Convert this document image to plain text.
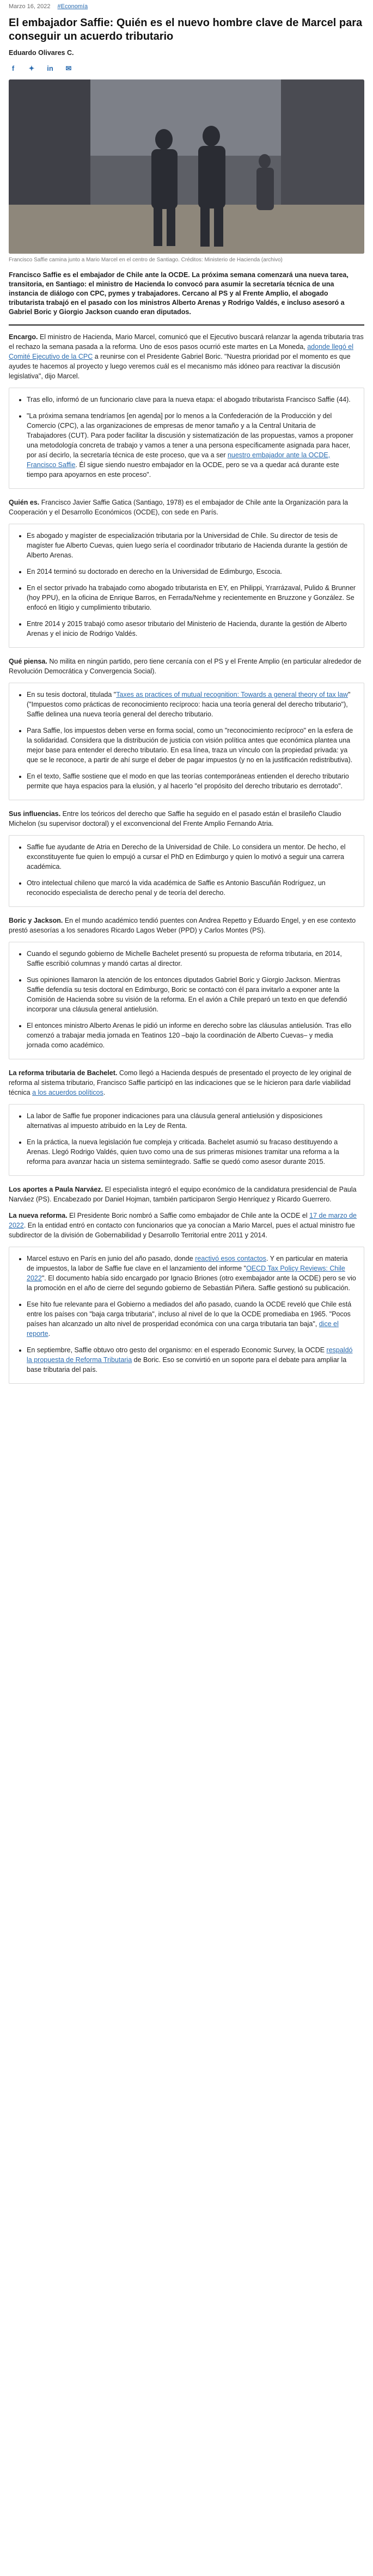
Marzo 16, 2022 #Economía
El embajador Saffie: Quién es el nuevo hombre clave de Marcel para conseguir un acuerdo tributario
Eduardo Olivares C.
f	✦ in ✉
Francisco Saffie camina junto a Mario Marcel en el centro de Santiago. Créditos: Ministerio de Hacienda (archivo)
Francisco Saffie es el embajador de Chile ante la OCDE. La próxima semana comenzará una nueva tarea, transitoria, en Santiago: el ministro de Hacienda lo convocó para asumir la secretaría técnica de una instancia de diálogo con CPC, pymes y trabajadores. Cercano al PS y al Frente Amplio, el abogado tributarista trabajó en el pasado con los ministros Alberto Arenas y Rodrigo Valdés, e incluso asesoró a Gabriel Boric y Giorgio Jackson cuando eran diputados.

Encargo. El ministro de Hacienda, Mario Marcel, comunicó que el Ejecutivo buscará relanzar la agenda tributaria tras el rechazo la semana pasada a la reforma. Uno de esos pasos ocurrió este martes en La Moneda, adonde llegó el Comité Ejecutivo de la CPC a reunirse con el Presidente Gabriel Boric. "Nuestra prioridad por el momento es que ayudes te hacemos al proyecto y luego veremos cuál es el mecanismo más idóneo para reactivar la discusión legislativa", dijo Marcel.

• Tras ello, informó de un funcionario clave para la nueva etapa: el abogado tributarista Francisco Saffie (44).
• "La próxima semana tendríamos [en agenda] por lo menos a la Confederación de la Producción y del Comercio (CPC), a las organizaciones de empresas de menor tamaño y a la Central Unitaria de Trabajadores (CUT). Para poder facilitar la discusión y sistematización de las propuestas, vamos a proponer una metodología concreta de trabajo y vamos a tener a una persona específicamente asignada para hacer, por así decirlo, la secretaría técnica de este proceso, que va a ser nuestro embajador ante la OCDE, Francisco Saffie. Él sigue siendo nuestro embajador en la OCDE, pero se va a quedar acá durante este tiempo para apoyarnos en este proceso".

Quién es. Francisco Javier Saffie Gatica (Santiago, 1978) es el embajador de Chile ante la Organización para la Cooperación y el Desarrollo Económicos (OCDE), con sede en París.

• Es abogado y magíster de especialización tributaria por la Universidad de Chile. Su director de tesis de magíster fue Alberto Cuevas, quien luego sería el coordinador tributario de Hacienda durante la gestión de Alberto Arenas.
• En 2014 terminó su doctorado en derecho en la Universidad de Edimburgo, Escocia.
• En el sector privado ha trabajado como abogado tributarista en EY, en Philippi, Yrarrázaval, Pulido & Brunner (hoy PPU), en la oficina de Enrique Barros, en Ferrada/Nehme y recientemente en Bruzzone y González. Se enfocó en litigio y cumplimiento tributario.
• Entre 2014 y 2015 trabajó como asesor tributario del Ministerio de Hacienda, durante la gestión de Alberto Arenas y el inicio de Rodrigo Valdés.

Qué piensa. No milita en ningún partido, pero tiene cercanía con el PS y el Frente Amplio (en particular alrededor de Revolución Democrática y Convergencia Social).

• En su tesis doctoral, titulada "Taxes as practices of mutual recognition: Towards a general theory of tax law" ("Impuestos como prácticas de reconocimiento recíproco: hacia una teoría general del derecho tributario"), Saffie delinea una nueva teoría general del derecho tributario.
• Para Saffie, los impuestos deben verse en forma social, como un "reconocimiento recíproco" en la esfera de la solidaridad. Considera que la distribución de justicia con visión política antes que económica plantea una mejor base para entender el derecho tributario. En esa línea, traza un vínculo con la propiedad privada: ya que se le reconoce, a partir de ahí surge el deber de pagar impuestos (y no en la justificación redistributiva).
• En el texto, Saffie sostiene que el modo en que las teorías contemporáneas entienden el derecho tributario permite que haya espacios para la elusión, y al hacerlo "el propósito del derecho tributario es derrotado".

Sus influencias. Entre los teóricos del derecho que Saffie ha seguido en el pasado están el brasileño Claudio Michelon (su supervisor doctoral) y el exconvencional del Frente Amplio Fernando Atria.

• Saffie fue ayudante de Atria en Derecho de la Universidad de Chile. Lo considera un mentor. De hecho, el exconstituyente fue quien lo empujó a cursar el PhD en Edimburgo y quien lo motivó a seguir una carrera académica.
• Otro intelectual chileno que marcó la vida académica de Saffie es Antonio Bascuñán Rodríguez, un reconocido especialista de derecho penal y de teoría del derecho.

Boric y Jackson. En el mundo académico tendió puentes con Andrea Repetto y Eduardo Engel, y en ese contexto prestó asesorías a los senadores Ricardo Lagos Weber (PPD) y Carlos Montes (PS).

• Cuando el segundo gobierno de Michelle Bachelet presentó su propuesta de reforma tributaria, en 2014, Saffie escribió columnas y mandó cartas al director.
• Sus opiniones llamaron la atención de los entonces diputados Gabriel Boric y Giorgio Jackson. Mientras Saffie defendía su tesis doctoral en Edimburgo, Boric se contactó con él para invitarlo a exponer ante la Comisión de Hacienda sobre su visión de la reforma. En el avión a Chile preparó un texto en que defendió incorporar una cláusula general antielusión.
• El entonces ministro Alberto Arenas le pidió un informe en derecho sobre las cláusulas antielusión. Tras ello comenzó a trabajar media jornada en Teatinos 120 –bajo la coordinación de Alberto Cuevas– y media jornada como académico.

La reforma tributaria de Bachelet. Como llegó a Hacienda después de presentado el proyecto de ley original de reforma al sistema tributario, Francisco Saffie participó en las indicaciones que se le hicieron para darle viabilidad técnica a los acuerdos políticos.

• La labor de Saffie fue proponer indicaciones para una cláusula general antielusión y disposiciones alternativas al impuesto atribuido en la Ley de Renta.
• En la práctica, la nueva legislación fue compleja y criticada. Bachelet asumió su fracaso destituyendo a Arenas. Llegó Rodrigo Valdés, quien tuvo como una de sus primeras misiones tramitar una reforma a la reforma para avanzar hacia un sistema semiintegrado. Saffie se quedó como asesor durante 2015.

Los aportes a Paula Narváez. El especialista integró el equipo económico de la candidatura presidencial de Paula Narváez (PS). Encabezado por Daniel Hojman, también participaron Sergio Henríquez y Ricardo Guerrero.

La nueva reforma. El Presidente Boric nombró a Saffie como embajador de Chile ante la OCDE el 17 de marzo de 2022. En la entidad entró en contacto con funcionarios que ya conocían a Mario Marcel, pues el actual ministro fue subdirector de la división de Gobernabilidad y Desarrollo Territorial entre 2011 y 2014.

• Marcel estuvo en París en junio del año pasado, donde reactivó esos contactos. Y en particular en materia de impuestos, la labor de Saffie fue clave en el lanzamiento del informe "OECD Tax Policy Reviews: Chile 2022". El documento había sido encargado por Ignacio Briones (otro exembajador ante la OCDE) pero se vio la promoción en el año de cierre del segundo gobierno de Sebastián Piñera. Saffie gestionó su publicación.
• Ese hito fue relevante para el Gobierno a mediados del año pasado, cuando la OCDE reveló que Chile está entre los países con "baja carga tributaria", incluso al nivel de lo que la OCDE promediaba en 1965. "Pocos países han alcanzado un alto nivel de prosperidad económica con una carga tributaria tan baja", dice el reporte.
• En septiembre, Saffie obtuvo otro gesto del organismo: en el esperado Economic Survey, la OCDE respaldó la propuesta de Reforma Tributaria de Boric. Eso se convirtió en un soporte para el debate para ampliar la base tributaria del país.
